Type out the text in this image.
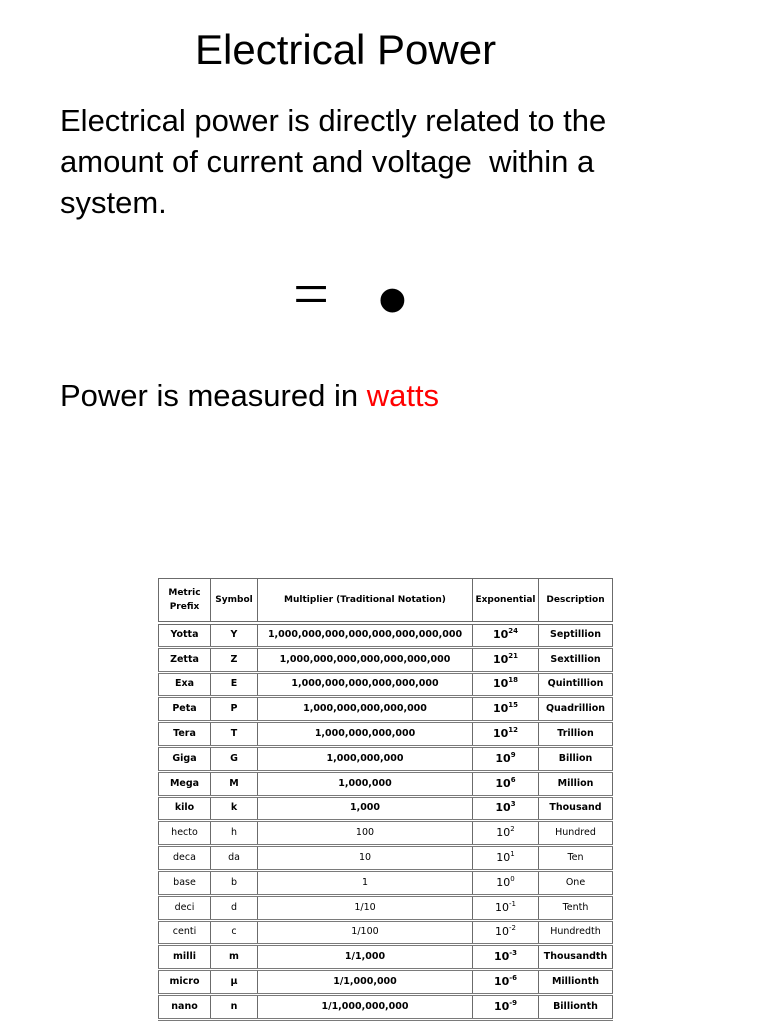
Electrical Power
Electrical power is directly related to the amount of current and voltage  within a system.
= •
Power is measured in watts
Metric Prefix	Symbol	Multiplier (Traditional Notation)	Exponential	Description
Yotta	Y	1,000,000,000,000,000,000,000,000	$10^{24}$	Septillion
Zetta	Z	1,000,000,000,000,000,000,000	$10^{21}$	Sextillion
Exa	E	1,000,000,000,000,000,000	$10^{18}$	Quintillion
Peta	P	1,000,000,000,000,000	$10^{15}$	Quadrillion
Tera	T	1,000,000,000,000	$10^{12}$	Trillion
Giga	G	1,000,000,000	$10^9$	Billion
Mega	M	1,000,000	$10^6$	Million
kilo	k	1,000	$10^3$	Thousand
hecto	h	100	$10^2$	Hundred
deca	da	10	$10^1$	Ten
base	b	1	$10^0$	One
deci	d	1/10	$10^{-1}$	Tenth
centi	c	1/100	$10^{-2}$	Hundredth
milli	m	1/1,000	$10^{-3}$	Thousandth
micro	μ	1/1,000,000	$10^{-6}$	Millionth
nano	n	1/1,000,000,000	$10^{-9}$	Billionth
